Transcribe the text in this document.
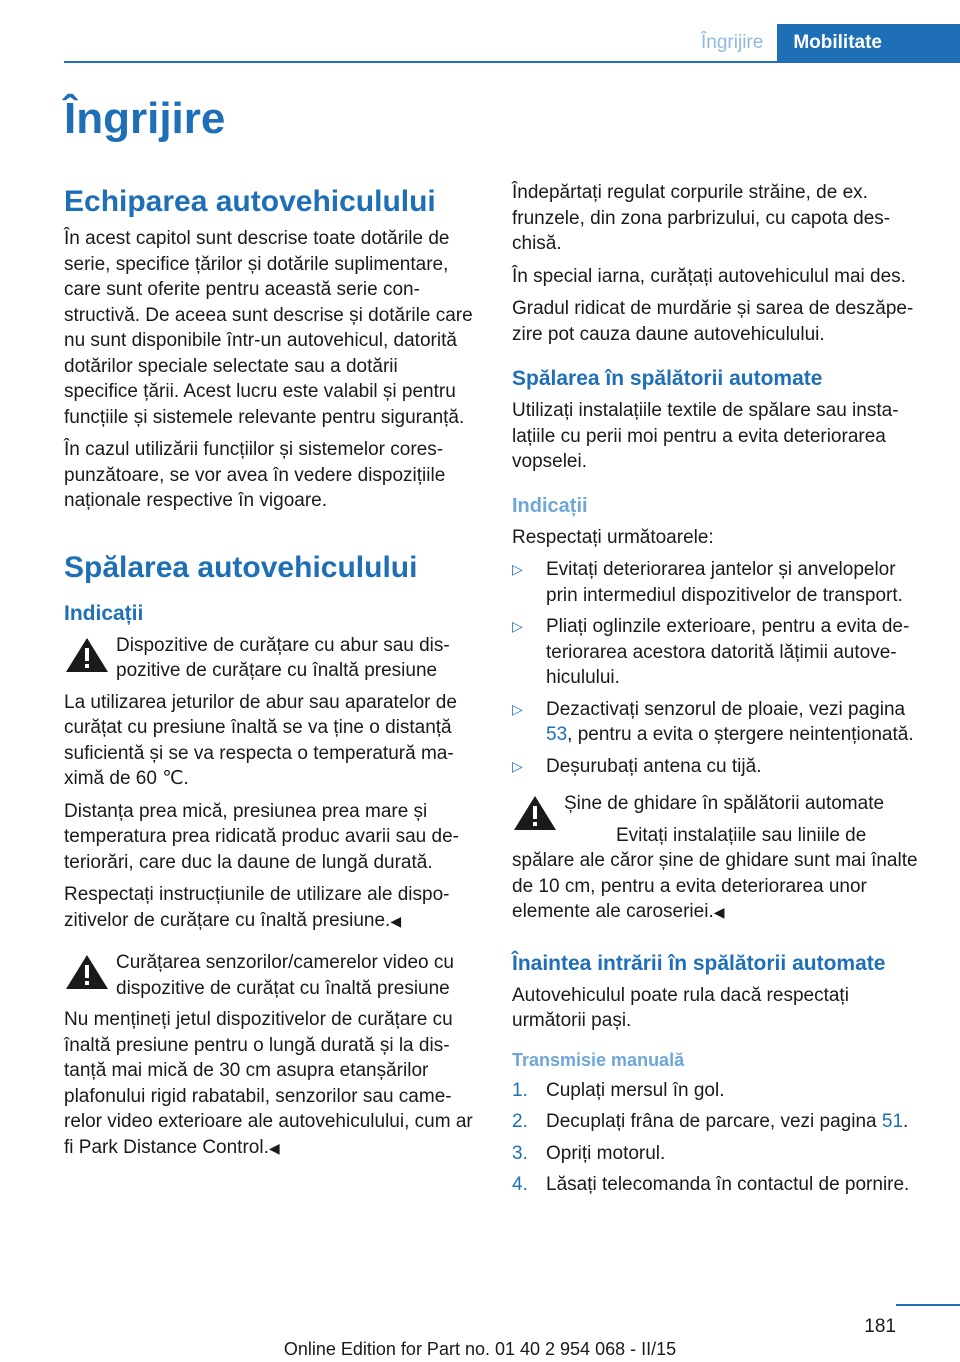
Îngrijire	Mobilitate
Îngrijire
Echiparea autovehiculului

În acest capitol sunt descrise toate dotările de serie, specifice țărilor și dotările suplimentare, care sunt oferite pentru această serie constructivă. De aceea sunt descrise și dotările care nu sunt disponibile într-un autovehicul, datorită dotărilor speciale selectate sau a dotării specifice țării. Acest lucru este valabil și pentru funcțiile și sistemele relevante pentru siguranță.

În cazul utilizării funcțiilor și sistemelor corespunzătoare, se vor avea în vedere dispozițiile naționale respective în vigoare.

Spălarea autovehiculului
Indicații

Dispozitive de curățare cu abur sau dispozitive de curățare cu înaltă presiune

La utilizarea jeturilor de abur sau aparatelor de curățat cu presiune înaltă se va ține o distanță suficientă și se va respecta o temperatură maximă de 60 ℃.

Distanța prea mică, presiunea prea mare și temperatura prea ridicată produc avarii sau deteriorări, care duc la daune de lungă durată.

Respectați instrucțiunile de utilizare ale dispozitivelor de curățare cu înaltă presiune.◀

Curățarea senzorilor/camerelor video cu dispozitive de curățat cu înaltă presiune

Nu mențineți jetul dispozitivelor de curățare cu înaltă presiune pentru o lungă durată și la distanță mai mică de 30 cm asupra etanșărilor plafonului rigid rabatabil, senzorilor sau camerelor video exterioare ale autovehiculului, cum ar fi Park Distance Control.◀

Îndepărtați regulat corpurile străine, de ex. frunzele, din zona parbrizului, cu capota deschisă.

În special iarna, curățați autovehiculul mai des.

Gradul ridicat de murdărie și sarea de deszăpezire pot cauza daune autovehiculului.

Spălarea în spălătorii automate

Utilizați instalațiile textile de spălare sau instalațiile cu perii moi pentru a evita deteriorarea vopselei.

Indicații

Respectați următoarele:

▷ Evitați deteriorarea jantelor și anvelopelor prin intermediul dispozitivelor de transport.
▷ Pliați oglinzile exterioare, pentru a evita deteriorarea acestora datorită lățimii autovehiculului.
▷ Dezactivați senzorul de ploaie, vezi pagina 53, pentru a evita o ștergere neintenționată.
▷ Deșurubați antena cu tijă.

Șine de ghidare în spălătorii automate

Evitați instalațiile sau liniile de spălare ale căror șine de ghidare sunt mai înalte de 10 cm, pentru a evita deteriorarea unor elemente ale caroseriei.◀

Înaintea intrării în spălătorii automate

Autovehiculul poate rula dacă respectați următorii pași.

Transmisie manuală
1. Cuplați mersul în gol.
2. Decuplați frâna de parcare, vezi pagina 51.
3. Opriți motorul.
4. Lăsați telecomanda în contactul de pornire.
181
Online Edition for Part no. 01 40 2 954 068 - II/15
